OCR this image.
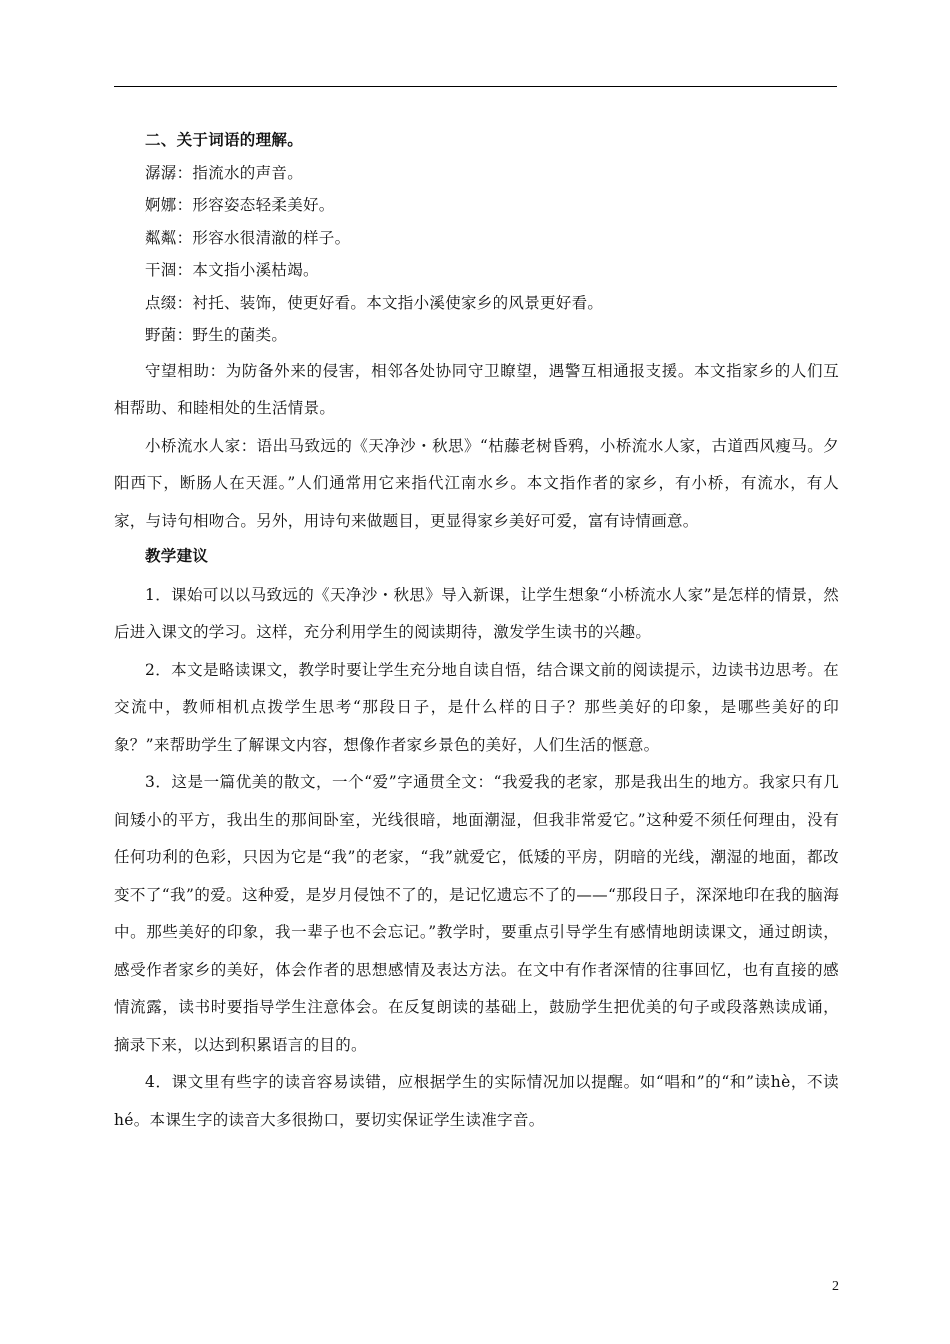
二、关于词语的理解。
潺潺：指流水的声音。
婀娜：形容姿态轻柔美好。
粼粼：形容水很清澈的样子。
干涸：本文指小溪枯竭。
点缀：衬托、装饰，使更好看。本文指小溪使家乡的风景更好看。
野菌：野生的菌类。
守望相助：为防备外来的侵害，相邻各处协同守卫瞭望，遇警互相通报支援。本文指家乡的人们互相帮助、和睦相处的生活情景。
小桥流水人家：语出马致远的《天净沙・秋思》“枯藤老树昏鸦，小桥流水人家，古道西风瘦马。夕阳西下，断肠人在天涯。”人们通常用它来指代江南水乡。本文指作者的家乡，有小桥，有流水，有人家，与诗句相吻合。另外，用诗句来做题目，更显得家乡美好可爱，富有诗情画意。
教学建议
1．课始可以以马致远的《天净沙・秋思》导入新课，让学生想象“小桥流水人家”是怎样的情景，然后进入课文的学习。这样，充分利用学生的阅读期待，激发学生读书的兴趣。
2．本文是略读课文，教学时要让学生充分地自读自悟，结合课文前的阅读提示，边读书边思考。在交流中，教师相机点拨学生思考“那段日子，是什么样的日子？那些美好的印象，是哪些美好的印象？”来帮助学生了解课文内容，想像作者家乡景色的美好，人们生活的惬意。
3．这是一篇优美的散文，一个“爱”字通贯全文：“我爱我的老家，那是我出生的地方。我家只有几间矮小的平方，我出生的那间卧室，光线很暗，地面潮湿，但我非常爱它。”这种爱不须任何理由，没有任何功利的色彩，只因为它是“我”的老家，“我”就爱它，低矮的平房，阴暗的光线，潮湿的地面，都改变不了“我”的爱。这种爱，是岁月侵蚀不了的，是记忆遗忘不了的——“那段日子，深深地印在我的脑海中。那些美好的印象，我一辈子也不会忘记。”教学时，要重点引导学生有感情地朗读课文，通过朗读，感受作者家乡的美好，体会作者的思想感情及表达方法。在文中有作者深情的往事回忆，也有直接的感情流露，读书时要指导学生注意体会。在反复朗读的基础上，鼓励学生把优美的句子或段落熟读成诵，摘录下来，以达到积累语言的目的。
4．课文里有些字的读音容易读错，应根据学生的实际情况加以提醒。如“唱和”的“和”读hè，不读hé。本课生字的读音大多很拗口，要切实保证学生读准字音。
2
